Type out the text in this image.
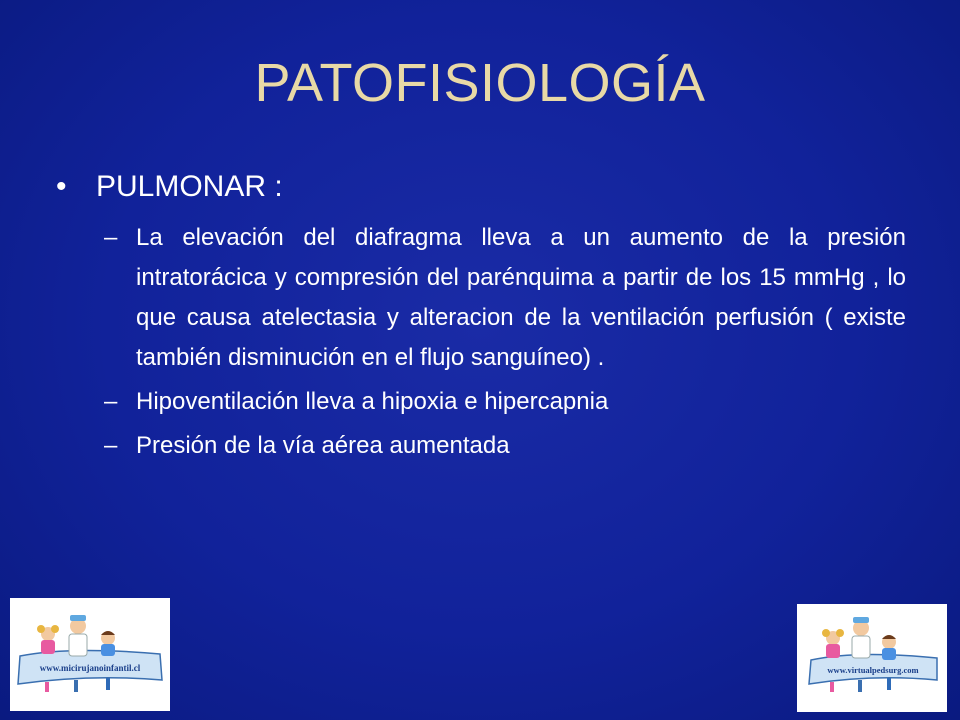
PATOFISIOLOGÍA
• PULMONAR :
– La elevación del diafragma lleva a un aumento de la presión intratorácica y compresión del parénquima a partir de los 15 mmHg , lo que causa atelectasia y alteracion de la ventilación perfusión ( existe también disminución en el flujo sanguíneo) .
– Hipoventilación lleva a hipoxia e hipercapnia
– Presión de la vía aérea aumentada
www.micirujanoinfantil.cl	www.virtualpedsurg.com
